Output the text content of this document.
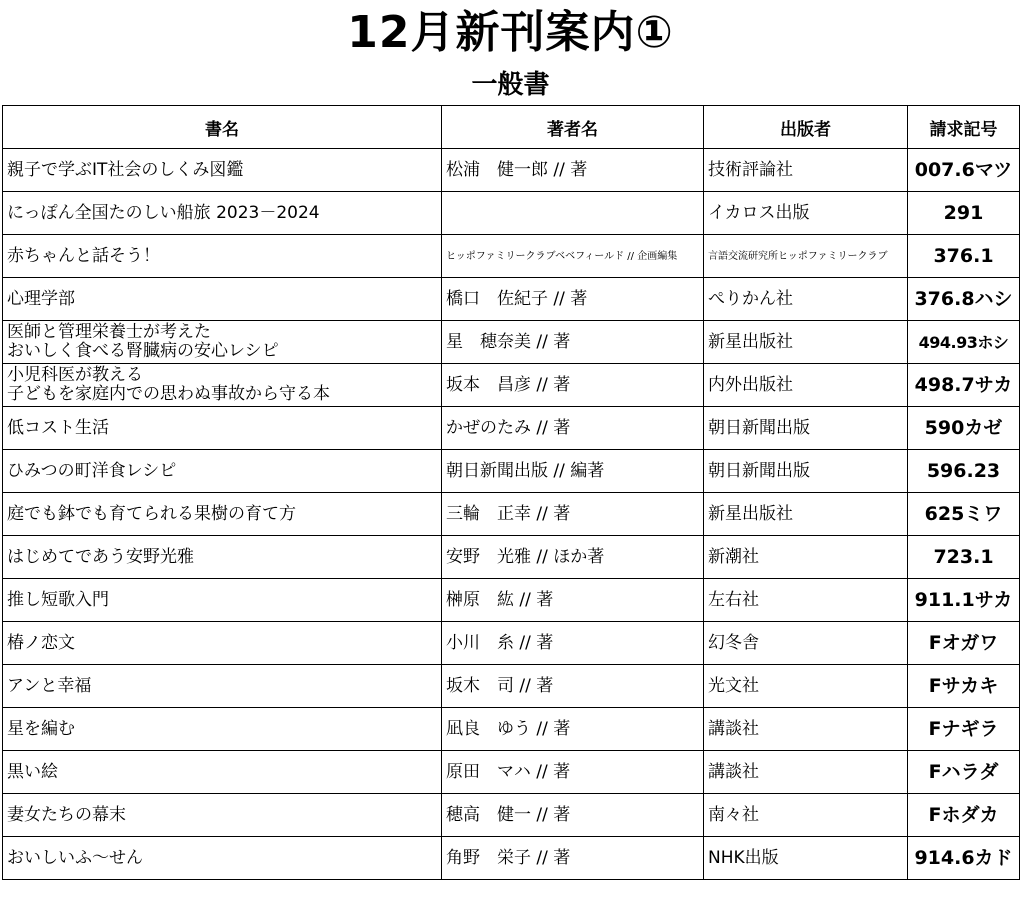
12月新刊案内①
一般書
書名	著者名	出版者	請求記号
親子で学ぶIT社会のしくみ図鑑	松浦　健一郎 // 著	技術評論社	007.6マツ
にっぽん全国たのしい船旅 2023－2024		イカロス出版	291
赤ちゃんと話そう！	ヒッポファミリークラブベベフィールド // 企画編集	言語交流研究所ヒッポファミリークラブ	376.1
心理学部	橋口　佐紀子 // 著	ぺりかん社	376.8ハシ

医師と管理栄養士が考えた
おいしく食べる腎臓病の安心レシピ	星　穂奈美 // 著	新星出版社	494.93ホシ

小児科医が教える
子どもを家庭内での思わぬ事故から守る本	坂本　昌彦 // 著	内外出版社	498.7サカ
低コスト生活	かぜのたみ // 著	朝日新聞出版	590カゼ
ひみつの町洋食レシピ	朝日新聞出版 // 編著	朝日新聞出版	596.23
庭でも鉢でも育てられる果樹の育て方	三輪　正幸 // 著	新星出版社	625ミワ
はじめてであう安野光雅	安野　光雅 // ほか著	新潮社	723.1
推し短歌入門	榊原　紘 // 著	左右社	911.1サカ
椿ノ恋文	小川　糸 // 著	幻冬舎	Fオガワ
アンと幸福	坂木　司 // 著	光文社	Fサカキ
星を編む	凪良　ゆう // 著	講談社	Fナギラ
黒い絵	原田　マハ // 著	講談社	Fハラダ
妻女たちの幕末	穂高　健一 // 著	南々社	Fホダカ
おいしいふ～せん	角野　栄子 // 著	NHK出版	914.6カド
